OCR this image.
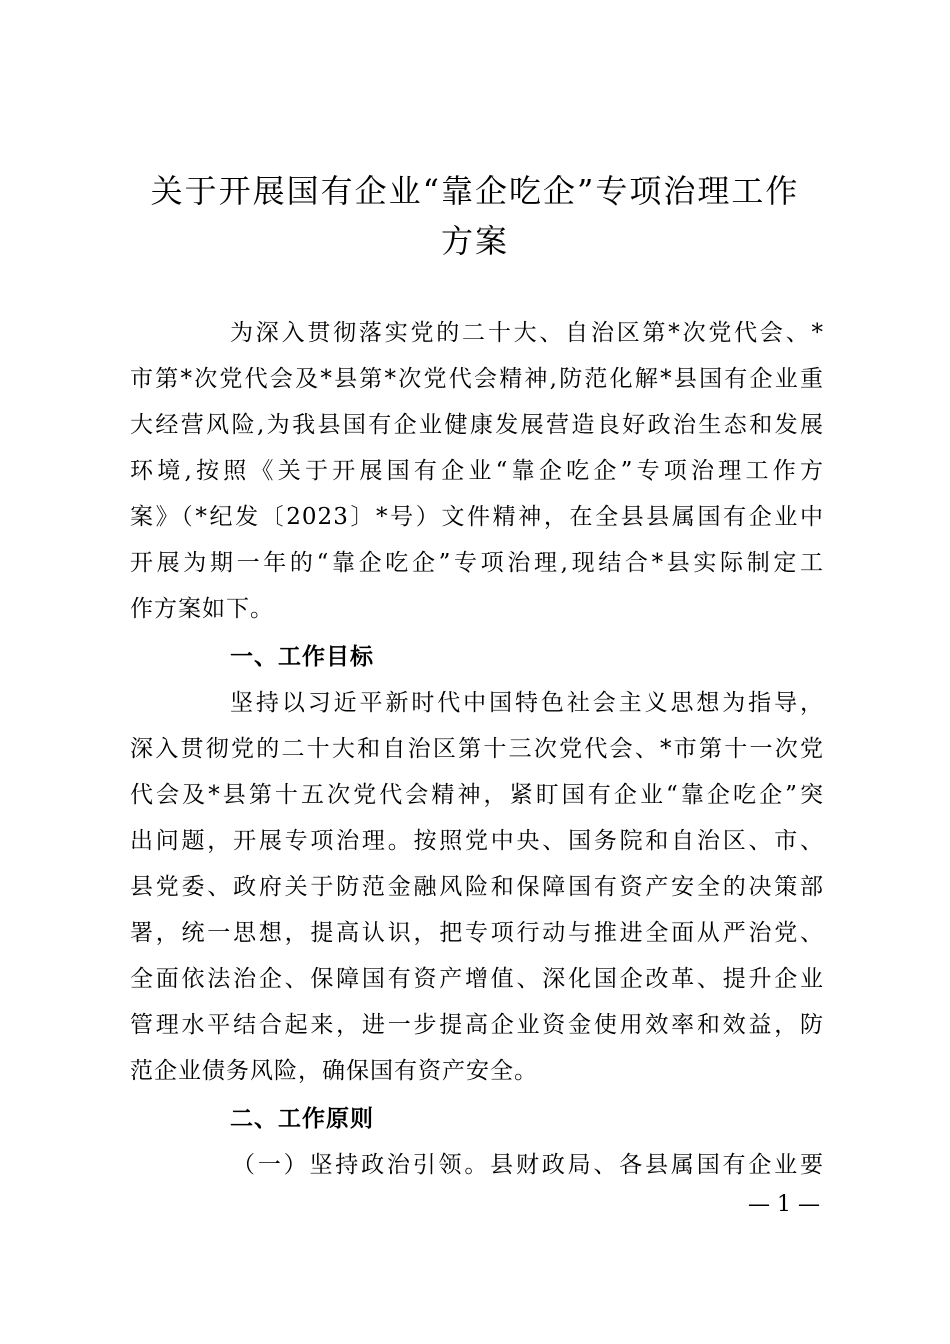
关于开展国有企业“靠企吃企”专项治理工作
方案

为深入贯彻落实党的二十大、自治区第*次党代会、*
市第*次党代会及*县第*次党代会精神,防范化解*县国有企业重
大经营风险,为我县国有企业健康发展营造良好政治生态和发展
环境,按照《关于开展国有企业“靠企吃企”专项治理工作方
案》（*纪发〔2023〕*号）文件精神，在全县县属国有企业中
开展为期一年的“靠企吃企”专项治理,现结合*县实际制定工
作方案如下。

一、工作目标

坚持以习近平新时代中国特色社会主义思想为指导，
深入贯彻党的二十大和自治区第十三次党代会、*市第十一次党
代会及*县第十五次党代会精神，紧盯国有企业“靠企吃企”突
出问题，开展专项治理。按照党中央、国务院和自治区、市、
县党委、政府关于防范金融风险和保障国有资产安全的决策部
署，统一思想，提高认识，把专项行动与推进全面从严治党、
全面依法治企、保障国有资产增值、深化国企改革、提升企业
管理水平结合起来，进一步提高企业资金使用效率和效益，防
范企业债务风险，确保国有资产安全。

二、工作原则

（一）坚持政治引领。县财政局、各县属国有企业要

— 1 —
